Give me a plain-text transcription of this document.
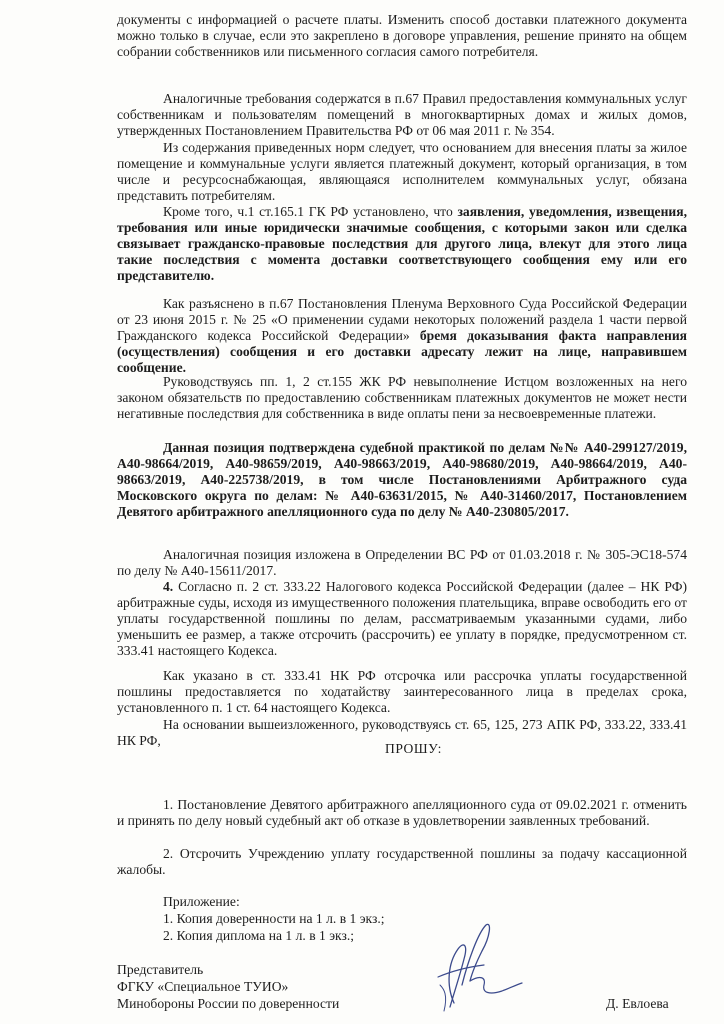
документы с информацией о расчете платы. Изменить способ доставки платежного документа можно только в случае, если это закреплено в договоре управления, решение принято на общем собрании собственников или письменного согласия самого потребителя.

Аналогичные требования содержатся в п.67 Правил предоставления коммунальных услуг собственникам и пользователям помещений в многоквартирных домах и жилых домов, утвержденных Постановлением Правительства РФ от 06 мая 2011 г. № 354.

Из содержания приведенных норм следует, что основанием для внесения платы за жилое помещение и коммунальные услуги является платежный документ, который организация, в том числе и ресурсоснабжающая, являющаяся исполнителем коммунальных услуг, обязана представить потребителям.

Кроме того, ч.1 ст.165.1 ГК РФ установлено, что заявления, уведомления, извещения, требования или иные юридически значимые сообщения, с которыми закон или сделка связывает гражданско-правовые последствия для другого лица, влекут для этого лица такие последствия с момента доставки соответствующего сообщения ему или его представителю.

Как разъяснено в п.67 Постановления Пленума Верховного Суда Российской Федерации от 23 июня 2015 г. № 25 «О применении судами некоторых положений раздела 1 части первой Гражданского кодекса Российской Федерации» бремя доказывания факта направления (осуществления) сообщения и его доставки адресату лежит на лице, направившем сообщение.

Руководствуясь пп. 1, 2 ст.155 ЖК РФ невыполнение Истцом возложенных на него законом обязательств по предоставлению собственникам платежных документов не может нести негативные последствия для собственника в виде оплаты пени за несвоевременные платежи.

Данная позиция подтверждена судебной практикой по делам №№ А40-299127/2019, А40-98664/2019, А40-98659/2019, А40-98663/2019, А40-98680/2019, А40-98664/2019, А40-98663/2019, А40-225738/2019, в том числе Постановлениями Арбитражного суда Московского округа по делам: № А40-63631/2015, № А40-31460/2017, Постановлением Девятого арбитражного апелляционного суда по делу № А40-230805/2017.

Аналогичная позиция изложена в Определении ВС РФ от 01.03.2018 г. № 305-ЭС18-574 по делу № А40-15611/2017.

4. Согласно п. 2 ст. 333.22 Налогового кодекса Российской Федерации (далее – НК РФ) арбитражные суды, исходя из имущественного положения плательщика, вправе освободить его от уплаты государственной пошлины по делам, рассматриваемым указанными судами, либо уменьшить ее размер, а также отсрочить (рассрочить) ее уплату в порядке, предусмотренном ст. 333.41 настоящего Кодекса.

Как указано в ст. 333.41 НК РФ отсрочка или рассрочка уплаты государственной пошлины предоставляется по ходатайству заинтересованного лица в пределах срока, установленного п. 1 ст. 64 настоящего Кодекса.

На основании вышеизложенного, руководствуясь ст. 65, 125, 273 АПК РФ, 333.22, 333.41 НК РФ,

ПРОШУ:

1. Постановление Девятого арбитражного апелляционного суда от 09.02.2021 г. отменить и принять по делу новый судебный акт об отказе в удовлетворении заявленных требований.

2. Отсрочить Учреждению уплату государственной пошлины за подачу кассационной жалобы.

Приложение:

1. Копия доверенности на 1 л. в 1 экз.;

2. Копия диплома на 1 л. в 1 экз.;

Представитель

ФГКУ «Специальное ТУИО»

Минобороны России по доверенности	Д. Евлоева
